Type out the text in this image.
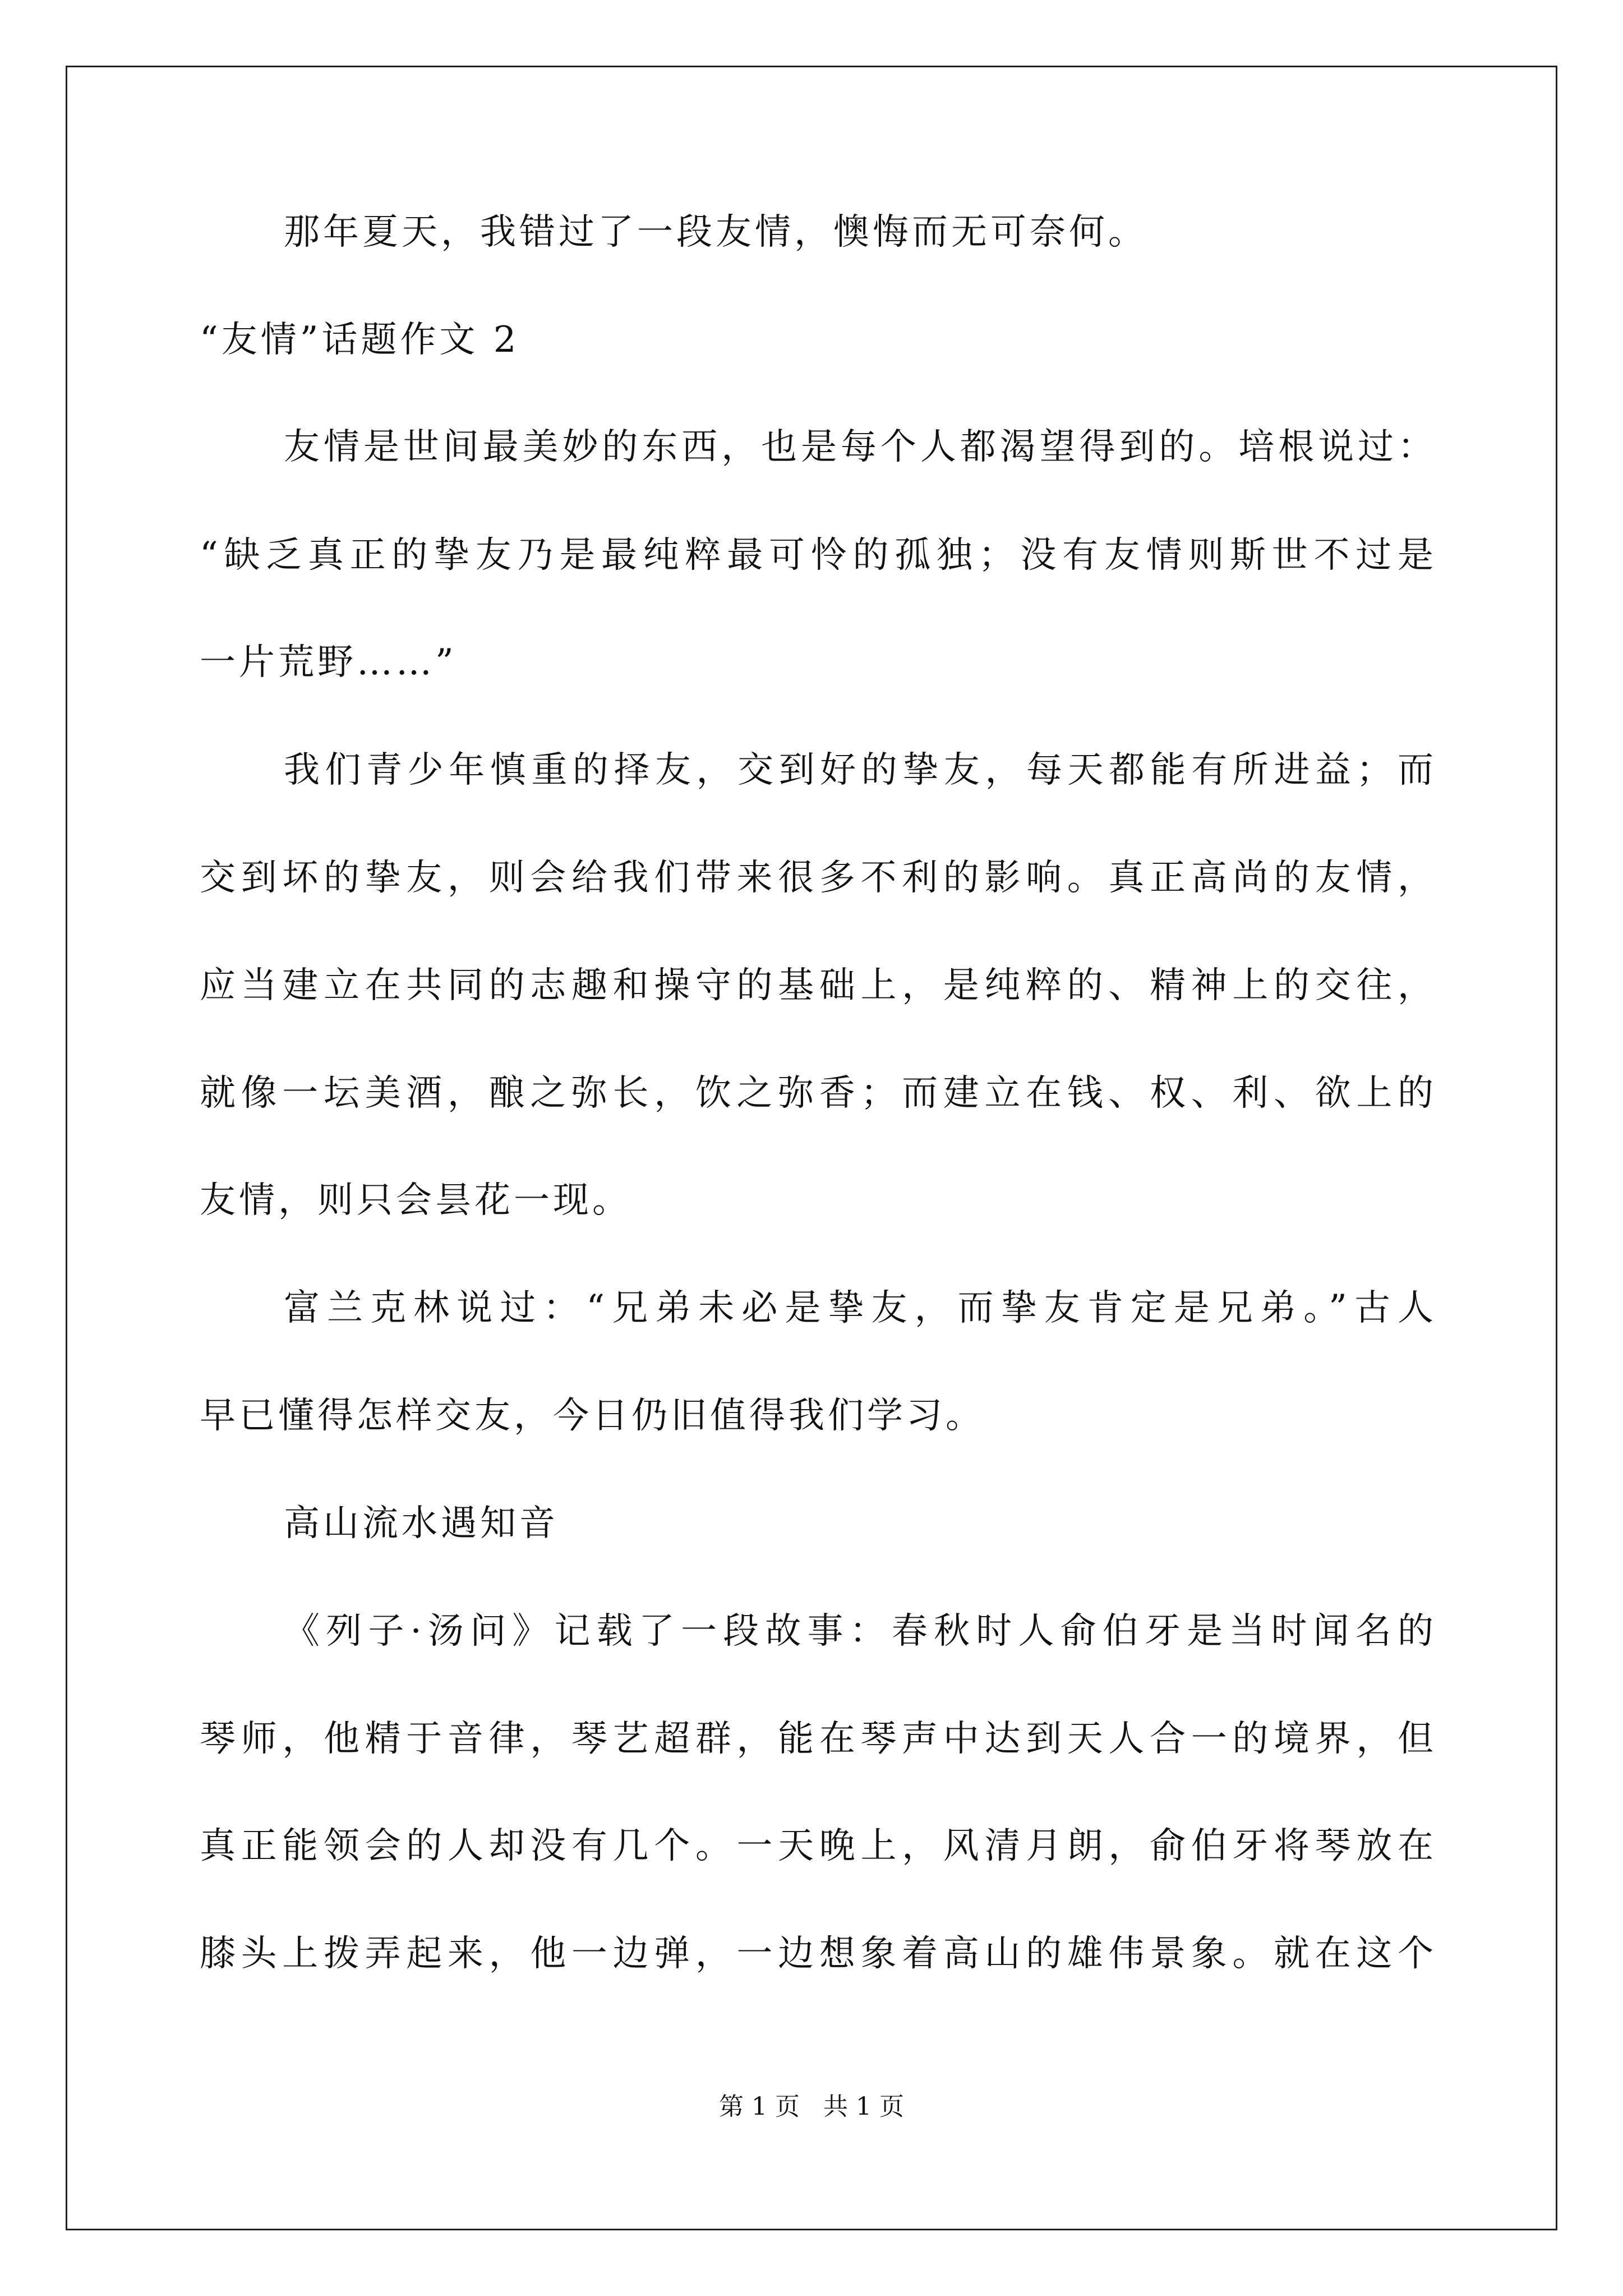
那年夏天，我错过了一段友情，懊悔而无可奈何。
“友情”话题作文 2
友情是世间最美妙的东西，也是每个人都渴望得到的。培根说过：
“缺乏真正的挚友乃是最纯粹最可怜的孤独；没有友情则斯世不过是
一片荒野……”
我们青少年慎重的择友，交到好的挚友，每天都能有所进益；而
交到坏的挚友，则会给我们带来很多不利的影响。真正高尚的友情，
应当建立在共同的志趣和操守的基础上，是纯粹的、精神上的交往，
就像一坛美酒，酿之弥长，饮之弥香；而建立在钱、权、利、欲上的
友情，则只会昙花一现。
富兰克林说过：“兄弟未必是挚友，而挚友肯定是兄弟。”古人
早已懂得怎样交友，今日仍旧值得我们学习。
高山流水遇知音
《列子·汤问》记载了一段故事：春秋时人俞伯牙是当时闻名的
琴师，他精于音律，琴艺超群，能在琴声中达到天人合一的境界，但
真正能领会的人却没有几个。一天晚上，风清月朗，俞伯牙将琴放在
膝头上拨弄起来，他一边弹，一边想象着高山的雄伟景象。就在这个
第 1 页   共 1 页
